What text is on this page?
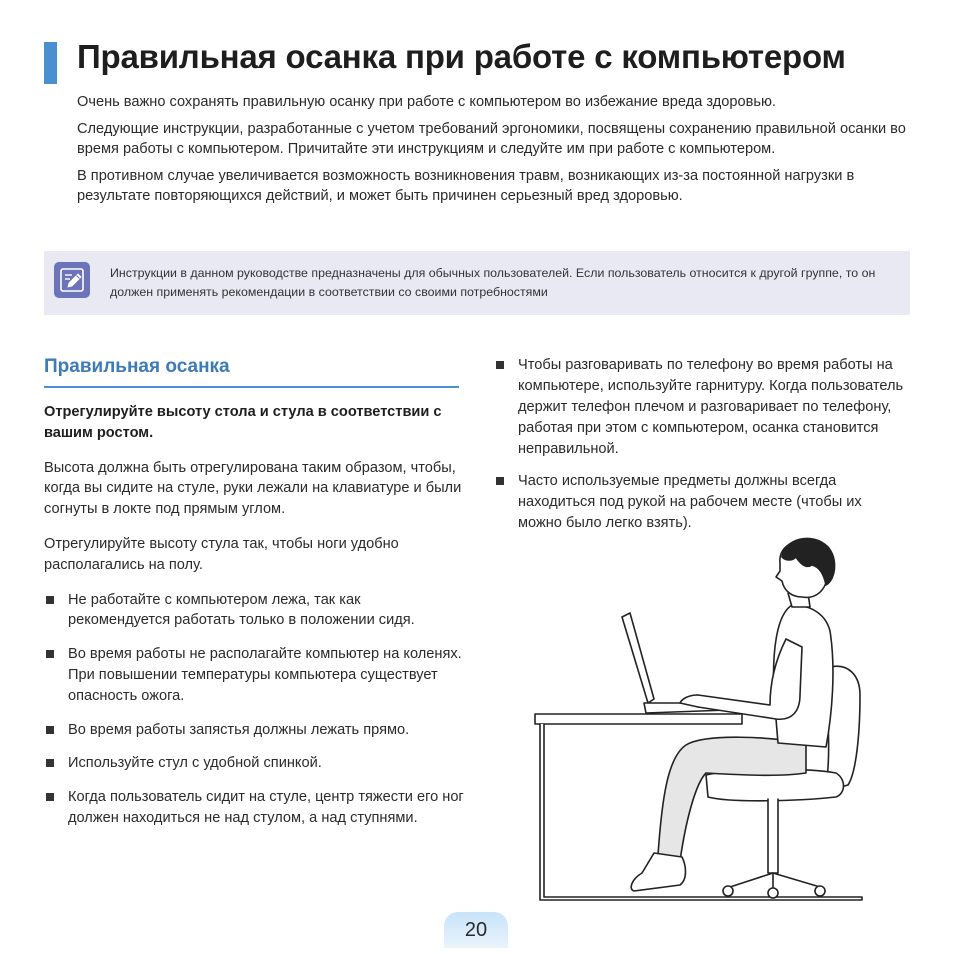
Правильная осанка при работе с компьютером

Очень важно сохранять правильную осанку при работе с компьютером во избежание вреда здоровью.

Следующие инструкции, разработанные с учетом требований эргономики, посвящены сохранению правильной осанки во время работы с компьютером. Причитайте эти инструкциям и следуйте им при работе с компьютером.

В противном случае увеличивается возможность возникновения травм, возникающих из-за постоянной нагрузки в результате повторяющихся действий, и может быть причинен серьезный вред здоровью.

Инструкции в данном руководстве предназначены для обычных пользователей. Если пользователь относится к другой группе, то он должен применять рекомендации в соответствии со своими потребностями
Правильная осанка

Отрегулируйте высоту стола и стула в соответствии с вашим ростом.

Высота должна быть отрегулирована таким образом, чтобы, когда вы сидите на стуле, руки лежали на клавиатуре и были согнуты в локте под прямым углом.

Отрегулируйте высоту стула так, чтобы ноги удобно располагались на полу.

Не работайте с компьютером лежа, так как рекомендуется работать только в положении сидя.
Во время работы не располагайте компьютер на коленях. При повышении температуры компьютера существует опасность ожога.
Во время работы запястья должны лежать прямо.
Используйте стул с удобной спинкой.
Когда пользователь сидит на стуле, центр тяжести его ног должен находиться не над стулом, а над ступнями.
Чтобы разговаривать по телефону во время работы на компьютере, используйте гарнитуру. Когда пользователь держит телефон плечом и разговаривает по телефону, работая при этом с компьютером, осанка становится неправильной.
Часто используемые предметы должны всегда находиться под рукой на рабочем месте (чтобы их можно было легко взять).
20
